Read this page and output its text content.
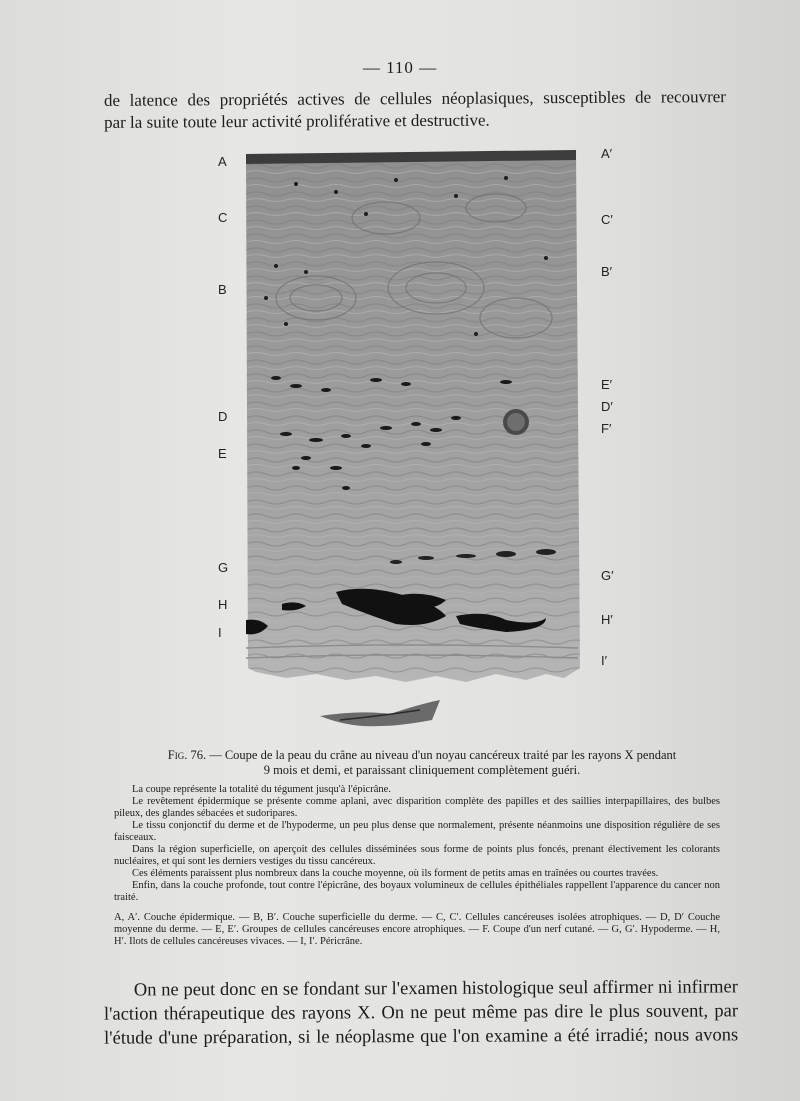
— 110 —
de latence des propriétés actives de cellules néoplasiques, susceptibles de recouvrer
par la suite toute leur activité proliférative et destructive.
A
C
B
D
E
G
H
I
A′
C′
B′
E′
D′
F′
G′
H′
I′
Fig. 76. — Coupe de la peau du crâne au niveau d'un noyau cancéreux traité par les rayons X pendant
9 mois et demi, et paraissant cliniquement complètement guéri.

La coupe représente la totalité du tégument jusqu'à l'épicrâne.

Le revêtement épidermique se présente comme aplani, avec disparition complète des papilles et des saillies interpapillaires, des bulbes pileux, des glandes sébacées et sudoripares.

Le tissu conjonctif du derme et de l'hypoderme, un peu plus dense que normalement, présente néanmoins une disposition régulière de ses faisceaux.

Dans la région superficielle, on aperçoit des cellules disséminées sous forme de points plus foncés, prenant électivement les colorants nucléaires, et qui sont les derniers vestiges du tissu cancéreux.

Ces éléments paraissent plus nombreux dans la couche moyenne, où ils forment de petits amas en traînées ou courtes travées.

Enfin, dans la couche profonde, tout contre l'épicrâne, des boyaux volumineux de cellules épithéliales rappellent l'apparence du cancer non traité.

A, A′. Couche épidermique. — B, B′. Couche superficielle du derme. — C, C′. Cellules cancéreuses isolées atrophiques. — D, D′ Couche moyenne du derme. — E, E′. Groupes de cellules cancéreuses encore atrophiques. — F. Coupe d'un nerf cutané. — G, G′. Hypoderme. — H, H′. Ilots de cellules cancéreuses vivaces. — I, I′. Péricrâne.

On ne peut donc en se fondant sur l'examen histologique seul affirmer ni infirmer
l'action thérapeutique des rayons X. On ne peut même pas dire le plus souvent, par
l'étude d'une préparation, si le néoplasme que l'on examine a été irradié; nous avons
